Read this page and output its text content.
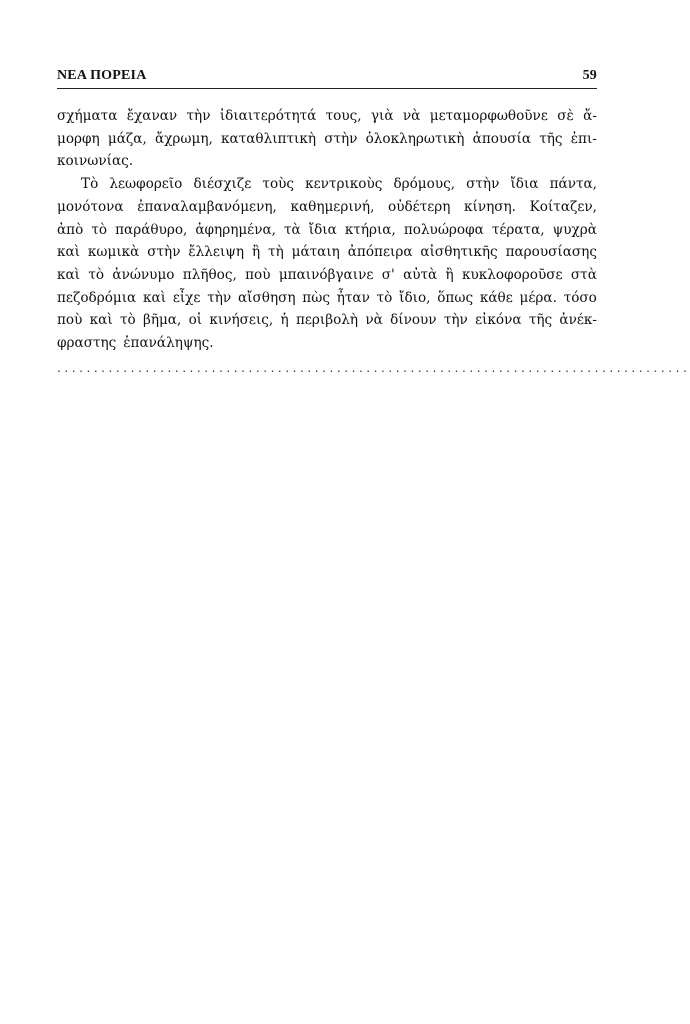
ΝΕΑ ΠΟΡΕΙΑ	59
σχήματα ἔχαναν τὴν ἰδιαιτερότητά τους, γιὰ νὰ μεταμορφωθοῦνε σὲ ἄ-
μορφη μάζα, ἄχρωμη, καταθλιπτικὴ στὴν ὁλοκληρωτικὴ ἀπουσία τῆς ἐπι-
κοινωνίας.
Τὸ λεωφορεῖο διέσχιζε τοὺς κεντρικοὺς δρόμους, στὴν ἴδια πάντα,
μονότονα ἐπαναλαμβανόμενη, καθημερινή, οὐδέτερη κίνηση. Κοίταζεν,
ἀπὸ τὸ παράθυρο, ἀφηρημένα, τὰ ἴδια κτήρια, πολυώροφα τέρατα, ψυχρὰ
καὶ κωμικὰ στὴν ἔλλειψη ἢ τὴ μάταιη ἀπόπειρα αἰσθητικῆς παρουσίασης
καὶ τὸ ἀνώνυμο πλῆθος, ποὺ μπαινόβγαινε σ' αὐτὰ ἢ κυκλοφοροῦσε στὰ
πεζοδρόμια καὶ εἶχε τὴν αἴσθηση πὼς ἦταν τὸ ἴδιο, ὅπως κάθε μέρα. τόσο
ποὺ καὶ τὸ βῆμα, οἱ κινήσεις, ἡ περιβολὴ νὰ δίνουν τὴν εἰκόνα τῆς ἀνέκ-
φραστης ἐπανάληψης.
......................................................................................
